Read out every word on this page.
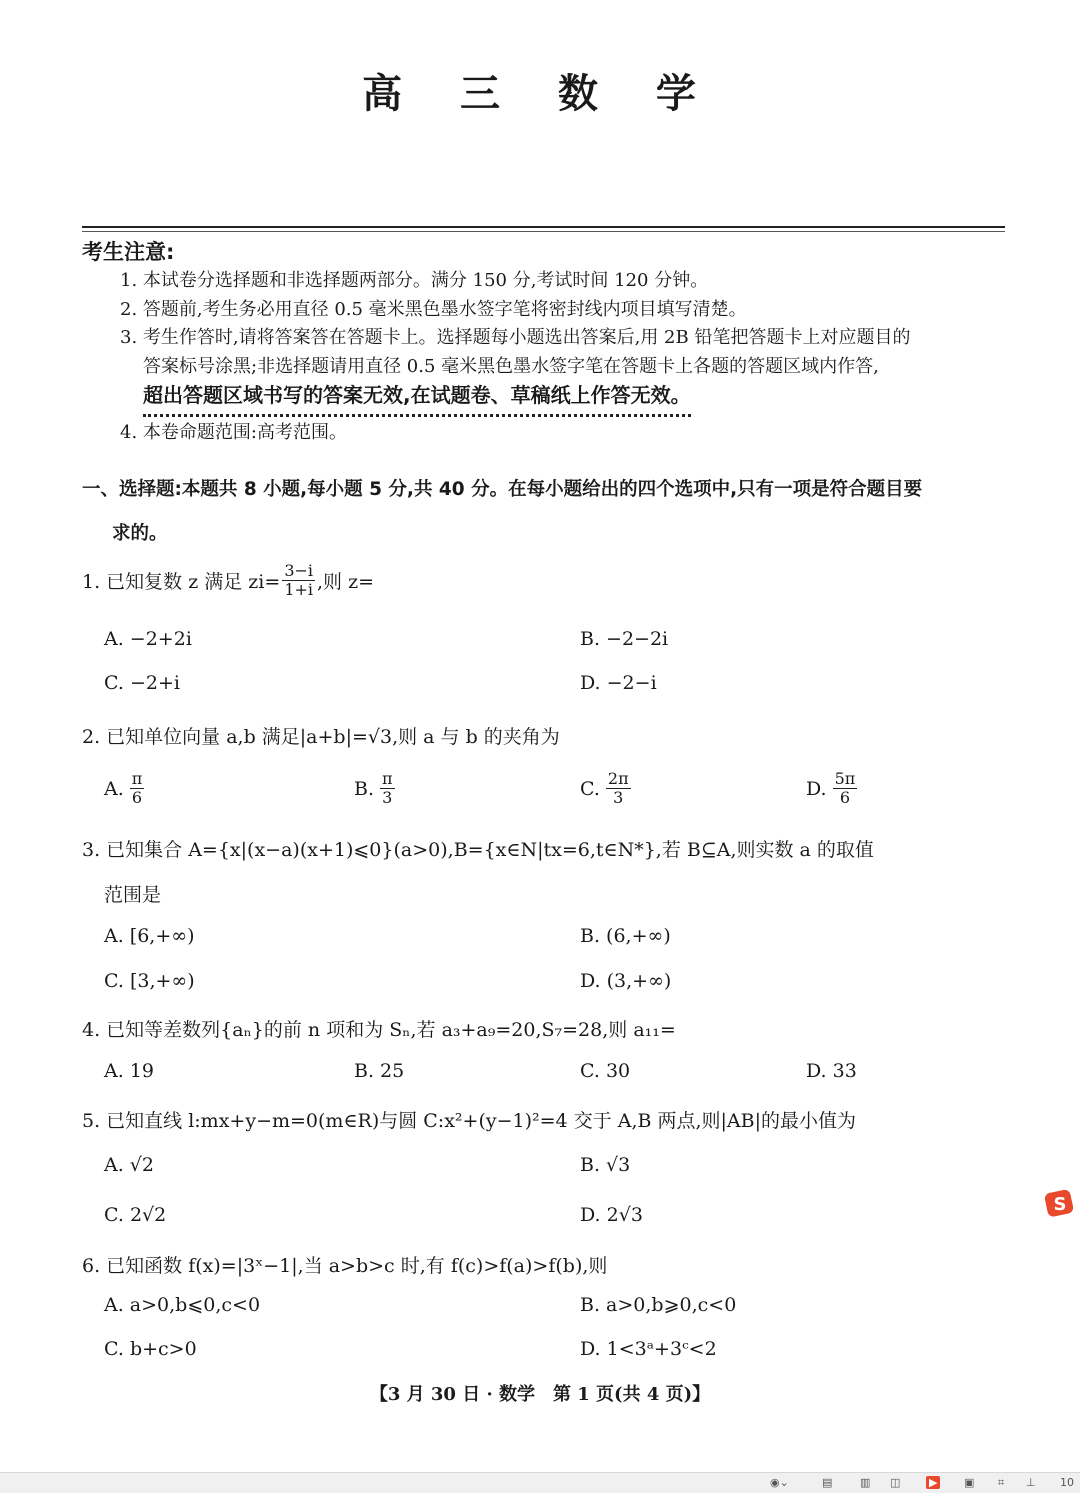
高 三 数 学
考生注意:
1. 本试卷分选择题和非选择题两部分。满分 150 分,考试时间 120 分钟。
2. 答题前,考生务必用直径 0.5 毫米黑色墨水签字笔将密封线内项目填写清楚。
3. 考生作答时,请将答案答在答题卡上。选择题每小题选出答案后,用 2B 铅笔把答题卡上对应题目的
答案标号涂黑;非选择题请用直径 0.5 毫米黑色墨水签字笔在答题卡上各题的答题区域内作答,
超出答题区域书写的答案无效,在试题卷、草稿纸上作答无效。
4. 本卷命题范围:高考范围。
一、选择题:本题共 8 小题,每小题 5 分,共 40 分。在每小题给出的四个选项中,只有一项是符合题目要
求的。
1. 已知复数 z 满足 $zi= \frac{3-i}{1+i}$ ,则 z=
A. −2+2i	B. −2−2i
C. −2+i	D. −2−i
2. 已知单位向量 a,b 满足|a+b|=√3,则 a 与 b 的夹角为
A. $\frac{\pi}{6}$	B. $\frac{\pi}{3}$	C. $\frac{2\pi}{3}$	D. $\frac{5\pi}{6}$
3. 已知集合 A={x|(x−a)(x+1)⩽0}(a>0),B={x∈N|tx=6,t∈N*},若 B⊆A,则实数 a 的取值
范围是
A. [6,+∞)	B. (6,+∞)
C. [3,+∞)	D. (3,+∞)
4. 已知等差数列{aₙ}的前 n 项和为 Sₙ,若 a₃+a₉=20,S₇=28,则 a₁₁=
A. 19	B. 25	C. 30	D. 33
5. 已知直线 l:mx+y−m=0(m∈R)与圆 C:x²+(y−1)²=4 交于 A,B 两点,则|AB|的最小值为
A. √2	B. √3
C. 2√2	D. 2√3
6. 已知函数 f(x)=|3ˣ−1|,当 a>b>c 时,有 f(c)>f(a)>f(b),则
A. a>0,b⩽0,c<0	B. a>0,b⩾0,c<0
C. b+c>0	D. 1<3ᵃ+3ᶜ<2
【3 月 30 日 · 数学　第 1 页(共 4 页)】
S
◉⌄	▤	▥ ◫	▶ ▣ ⌗ ⊥ 10
